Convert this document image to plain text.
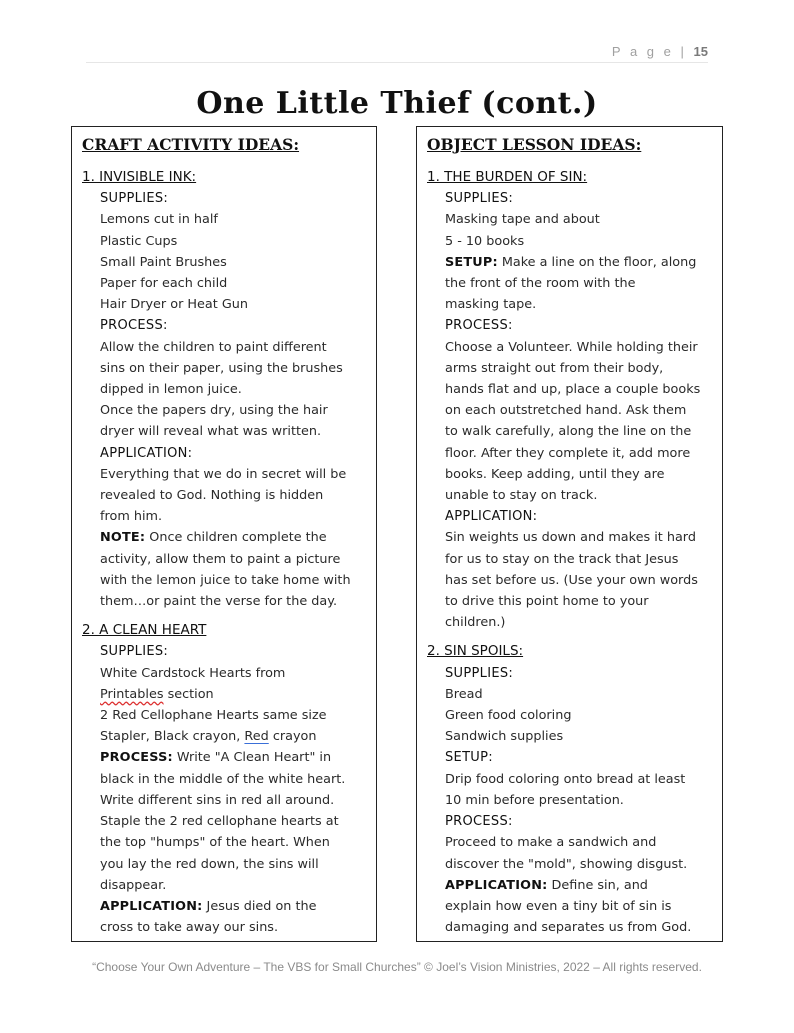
P a g e | 15
One Little Thief (cont.)
CRAFT ACTIVITY IDEAS:
1. INVISIBLE INK:
SUPPLIES:
Lemons cut in half
Plastic Cups
Small Paint Brushes
Paper for each child
Hair Dryer or Heat Gun
PROCESS:
Allow the children to paint different
sins on their paper, using the brushes
dipped in lemon juice.
Once the papers dry, using the hair
dryer will reveal what was written.
APPLICATION:
Everything that we do in secret will be
revealed to God. Nothing is hidden
from him.
NOTE: Once children complete the
activity, allow them to paint a picture
with the lemon juice to take home with
them…or paint the verse for the day.
2. A CLEAN HEART
SUPPLIES:
White Cardstock Hearts from
Printables section
2 Red Cellophane Hearts same size
Stapler, Black crayon, Red crayon
PROCESS: Write "A Clean Heart" in
black in the middle of the white heart.
Write different sins in red all around.
Staple the 2 red cellophane hearts at
the top "humps" of the heart. When
you lay the red down, the sins will
disappear.
APPLICATION: Jesus died on the
cross to take away our sins.
OBJECT LESSON IDEAS:
1. THE BURDEN OF SIN:
SUPPLIES:
Masking tape and about
5 - 10 books
SETUP: Make a line on the floor, along
the front of the room with the
masking tape.
PROCESS:
Choose a Volunteer. While holding their
arms straight out from their body,
hands flat and up, place a couple books
on each outstretched hand. Ask them
to walk carefully, along the line on the
floor. After they complete it, add more
books. Keep adding, until they are
unable to stay on track.
APPLICATION:
Sin weights us down and makes it hard
for us to stay on the track that Jesus
has set before us. (Use your own words
to drive this point home to your
children.)
2. SIN SPOILS:
SUPPLIES:
Bread
Green food coloring
Sandwich supplies
SETUP:
Drip food coloring onto bread at least
10 min before presentation.
PROCESS:
Proceed to make a sandwich and
discover the "mold", showing disgust.
APPLICATION: Define sin, and
explain how even a tiny bit of sin is
damaging and separates us from God.
“Choose Your Own Adventure – The VBS for Small Churches” © Joel’s Vision Ministries, 2022 – All rights reserved.
